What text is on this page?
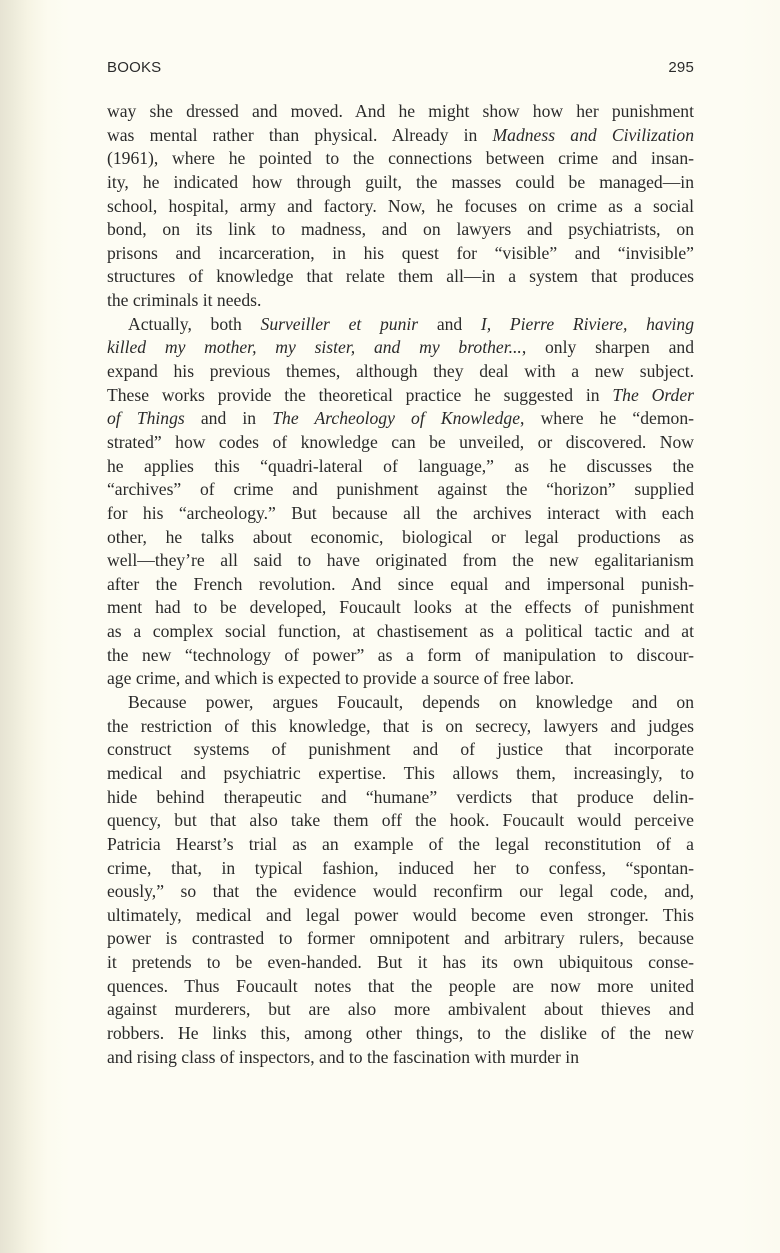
BOOKS	295
way she dressed and moved. And he might show how her punishment
was mental rather than physical. Already in Madness and Civilization
(1961), where he pointed to the connections between crime and insan-
ity, he indicated how through guilt, the masses could be managed—in
school, hospital, army and factory. Now, he focuses on crime as a social
bond, on its link to madness, and on lawyers and psychiatrists, on
prisons and incarceration, in his quest for “visible” and “invisible”
structures of knowledge that relate them all—in a system that produces
the criminals it needs.
Actually, both Surveiller et punir and I, Pierre Riviere, having
killed my mother, my sister, and my brother..., only sharpen and
expand his previous themes, although they deal with a new subject.
These works provide the theoretical practice he suggested in The Order
of Things and in The Archeology of Knowledge, where he “demon-
strated” how codes of knowledge can be unveiled, or discovered. Now
he applies this “quadri-lateral of language,” as he discusses the
“archives” of crime and punishment against the “horizon” supplied
for his “archeology.” But because all the archives interact with each
other, he talks about economic, biological or legal productions as
well—they’re all said to have originated from the new egalitarianism
after the French revolution. And since equal and impersonal punish-
ment had to be developed, Foucault looks at the effects of punishment
as a complex social function, at chastisement as a political tactic and at
the new “technology of power” as a form of manipulation to discour-
age crime, and which is expected to provide a source of free labor.
Because power, argues Foucault, depends on knowledge and on
the restriction of this knowledge, that is on secrecy, lawyers and judges
construct systems of punishment and of justice that incorporate
medical and psychiatric expertise. This allows them, increasingly, to
hide behind therapeutic and “humane” verdicts that produce delin-
quency, but that also take them off the hook. Foucault would perceive
Patricia Hearst’s trial as an example of the legal reconstitution of a
crime, that, in typical fashion, induced her to confess, “spontan-
eously,” so that the evidence would reconfirm our legal code, and,
ultimately, medical and legal power would become even stronger. This
power is contrasted to former omnipotent and arbitrary rulers, because
it pretends to be even-handed. But it has its own ubiquitous conse-
quences. Thus Foucault notes that the people are now more united
against murderers, but are also more ambivalent about thieves and
robbers. He links this, among other things, to the dislike of the new
and rising class of inspectors, and to the fascination with murder in
